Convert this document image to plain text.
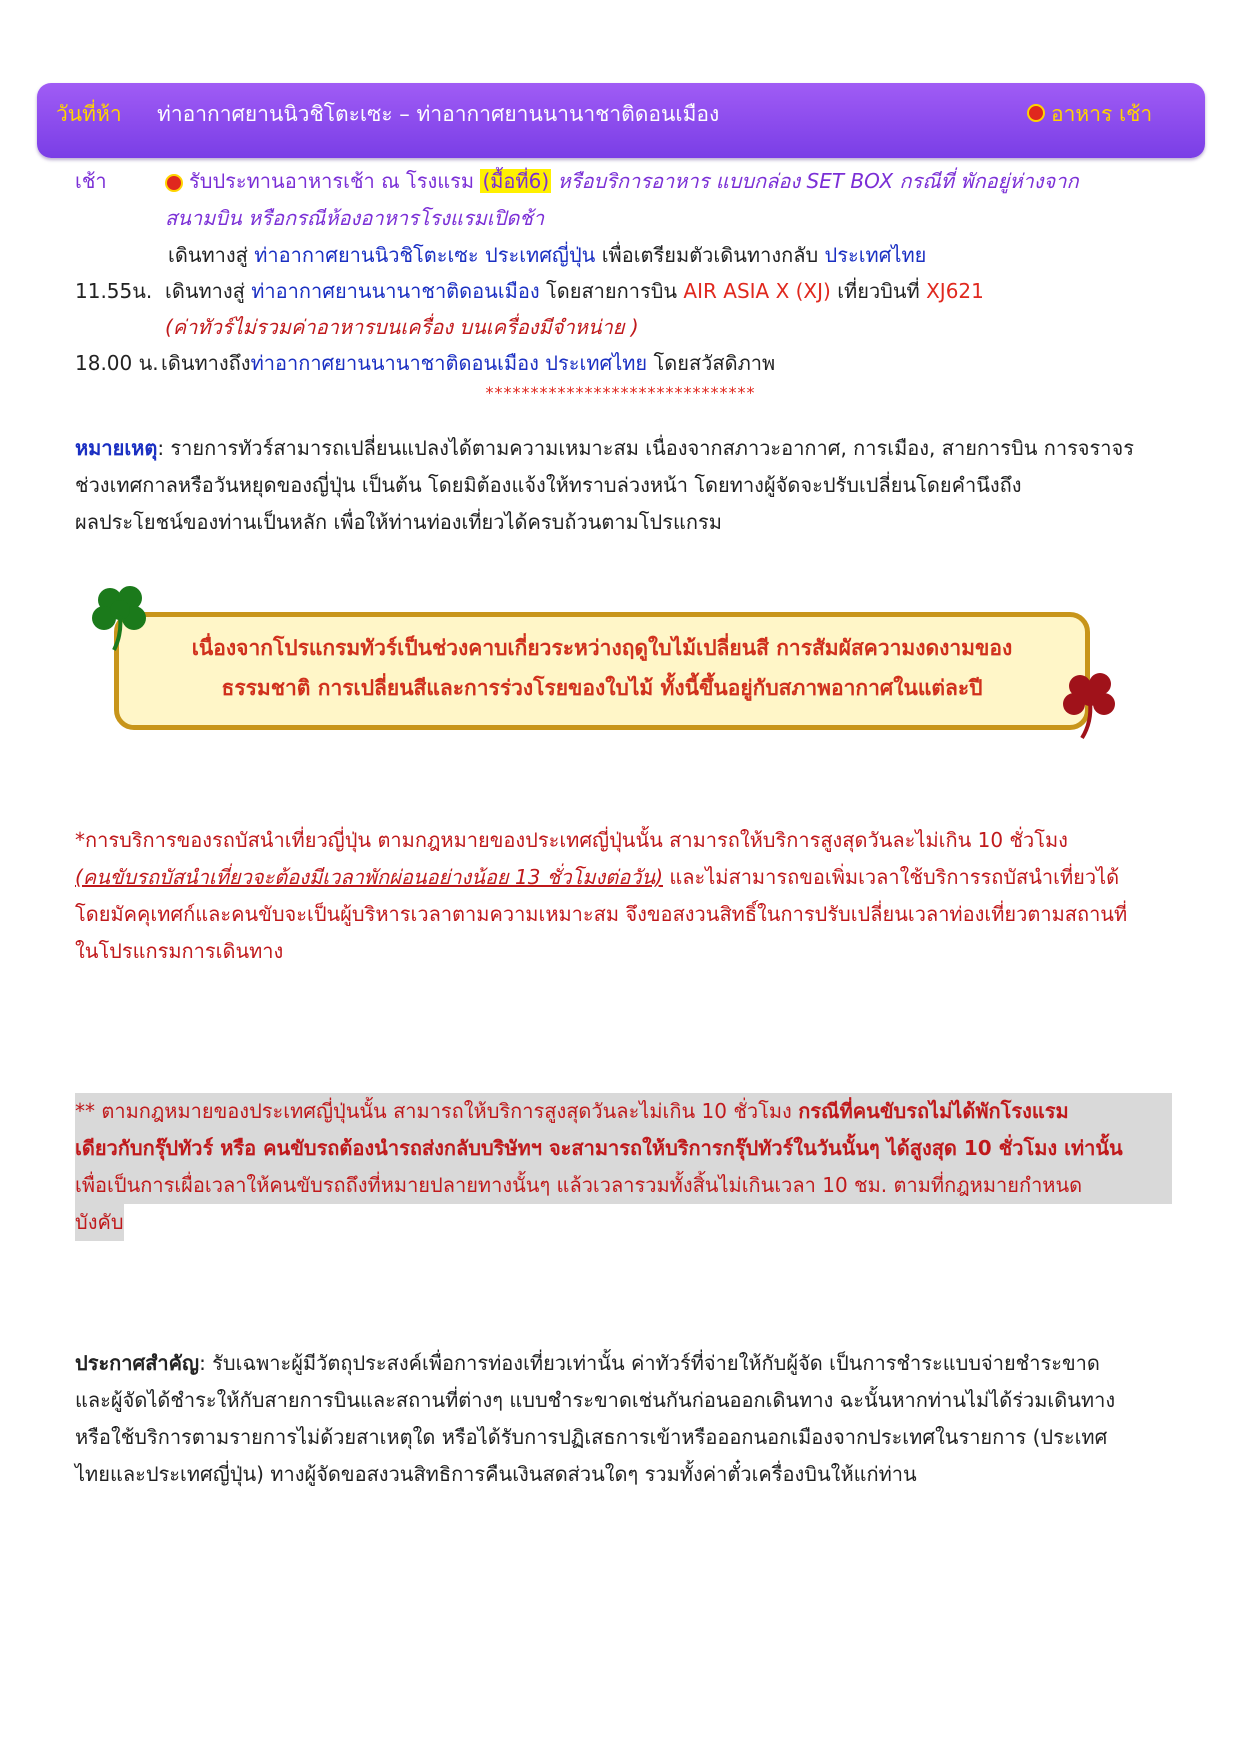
วันที่ห้า ท่าอากาศยานนิวชิโตะเซะ – ท่าอากาศยานนานาชาติดอนเมือง	อาหาร เช้า
เช้า	รับประทานอาหารเช้า ณ โรงแรม (มื้อที่6) หรือบริการอาหาร แบบกล่อง SET BOX กรณีที่ พักอยู่ห่างจาก
สนามบิน หรือกรณีห้องอาหารโรงแรมเปิดช้า
เดินทางสู่ ท่าอากาศยานนิวชิโตะเซะ ประเทศญี่ปุ่น เพื่อเตรียมตัวเดินทางกลับ ประเทศไทย
11.55น. เดินทางสู่ ท่าอากาศยานนานาชาติดอนเมือง โดยสายการบิน AIR ASIA X (XJ) เที่ยวบินที่ XJ621
(ค่าทัวร์ไม่รวมค่าอาหารบนเครื่อง บนเครื่องมีจำหน่าย )
18.00 น. เดินทางถึงท่าอากาศยานนานาชาติดอนเมือง ประเทศไทย โดยสวัสดิภาพ
******************************

หมายเหตุ: รายการทัวร์สามารถเปลี่ยนแปลงได้ตามความเหมาะสม เนื่องจากสภาวะอากาศ, การเมือง, สายการบิน การจราจร

ช่วงเทศกาลหรือวันหยุดของญี่ปุ่น เป็นต้น โดยมิต้องแจ้งให้ทราบล่วงหน้า โดยทางผู้จัดจะปรับเปลี่ยนโดยคำนึงถึง

ผลประโยชน์ของท่านเป็นหลัก เพื่อให้ท่านท่องเที่ยวได้ครบถ้วนตามโปรแกรม

เนื่องจากโปรแกรมทัวร์เป็นช่วงคาบเกี่ยวระหว่างฤดูใบไม้เปลี่ยนสี การสัมผัสความงดงามของ
ธรรมชาติ การเปลี่ยนสีและการร่วงโรยของใบไม้ ทั้งนี้ขึ้นอยู่กับสภาพอากาศในแต่ละปี

*การบริการของรถบัสนำเที่ยวญี่ปุ่น ตามกฎหมายของประเทศญี่ปุ่นนั้น สามารถให้บริการสูงสุดวันละไม่เกิน 10 ชั่วโมง

(คนขับรถบัสนำเที่ยวจะต้องมีเวลาพักผ่อนอย่างน้อย 13 ชั่วโมงต่อวัน) และไม่สามารถขอเพิ่มเวลาใช้บริการรถบัสนำเที่ยวได้

โดยมัคคุเทศก์และคนขับจะเป็นผู้บริหารเวลาตามความเหมาะสม จึงขอสงวนสิทธิ์ในการปรับเปลี่ยนเวลาท่องเที่ยวตามสถานที่

ในโปรแกรมการเดินทาง

** ตามกฎหมายของประเทศญี่ปุ่นนั้น สามารถให้บริการสูงสุดวันละไม่เกิน 10 ชั่วโมง กรณีที่คนขับรถไม่ได้พักโรงแรม
เดียวกับกรุ๊ปทัวร์ หรือ คนขับรถต้องนำรถส่งกลับบริษัทฯ จะสามารถให้บริการกรุ๊ปทัวร์ในวันนั้นๆ ได้สูงสุด 10 ชั่วโมง เท่านั้น
เพื่อเป็นการเผื่อเวลาให้คนขับรถถึงที่หมายปลายทางนั้นๆ แล้วเวลารวมทั้งสิ้นไม่เกินเวลา 10 ชม. ตามที่กฎหมายกำหนด
บังคับ

ประกาศสำคัญ: รับเฉพาะผู้มีวัตถุประสงค์เพื่อการท่องเที่ยวเท่านั้น ค่าทัวร์ที่จ่ายให้กับผู้จัด เป็นการชำระแบบจ่ายชำระขาด

และผู้จัดได้ชำระให้กับสายการบินและสถานที่ต่างๆ แบบชำระขาดเช่นกันก่อนออกเดินทาง ฉะนั้นหากท่านไม่ได้ร่วมเดินทาง

หรือใช้บริการตามรายการไม่ด้วยสาเหตุใด หรือได้รับการปฏิเสธการเข้าหรือออกนอกเมืองจากประเทศในรายการ (ประเทศ

ไทยและประเทศญี่ปุ่น) ทางผู้จัดขอสงวนสิทธิการคืนเงินสดส่วนใดๆ รวมทั้งค่าตั๋วเครื่องบินให้แก่ท่าน
